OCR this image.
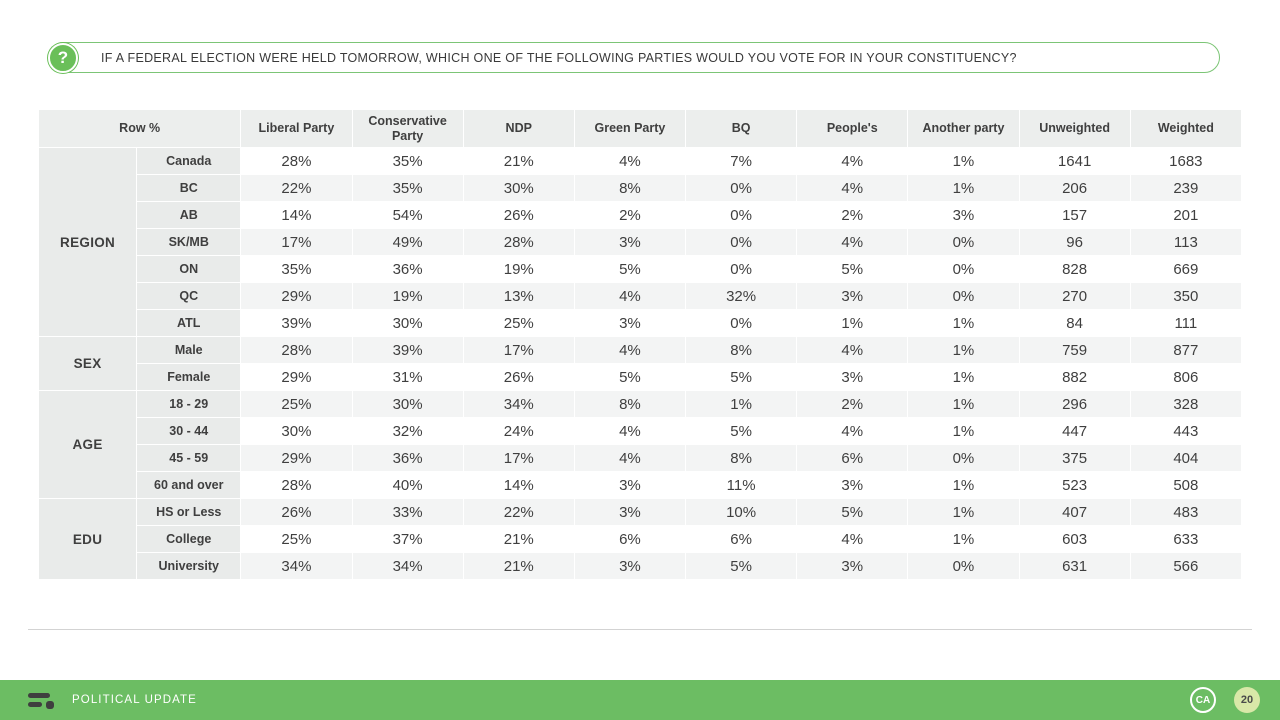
IF A FEDERAL ELECTION WERE HELD TOMORROW, WHICH ONE OF THE FOLLOWING PARTIES WOULD YOU VOTE FOR IN YOUR CONSTITUENCY?
?
Row %		Liberal Party	Conservative Party	NDP	Green Party	BQ	People's	Another party	Unweighted	Weighted
REGION	Canada	28%	35%	21%	4%	7%	4%	1%	1641	1683
	BC	22%	35%	30%	8%	0%	4%	1%	206	239
	AB	14%	54%	26%	2%	0%	2%	3%	157	201
	SK/MB	17%	49%	28%	3%	0%	4%	0%	96	113
	ON	35%	36%	19%	5%	0%	5%	0%	828	669
	QC	29%	19%	13%	4%	32%	3%	0%	270	350
	ATL	39%	30%	25%	3%	0%	1%	1%	84	111
SEX	Male	28%	39%	17%	4%	8%	4%	1%	759	877
	Female	29%	31%	26%	5%	5%	3%	1%	882	806
AGE	18 - 29	25%	30%	34%	8%	1%	2%	1%	296	328
	30 - 44	30%	32%	24%	4%	5%	4%	1%	447	443
	45 - 59	29%	36%	17%	4%	8%	6%	0%	375	404
	60 and over	28%	40%	14%	3%	11%	3%	1%	523	508
EDU	HS or Less	26%	33%	22%	3%	10%	5%	1%	407	483
	College	25%	37%	21%	6%	6%	4%	1%	603	633
	University	34%	34%	21%	3%	5%	3%	0%	631	566
POLITICAL UPDATE	CA	20
